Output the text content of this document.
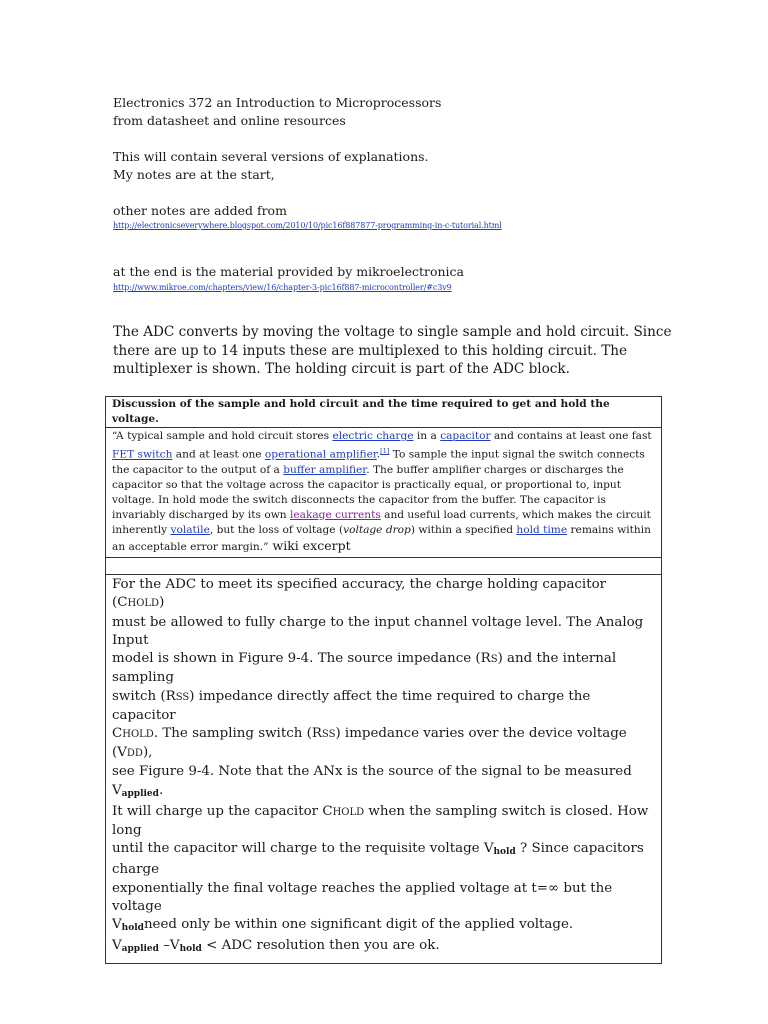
Electronics 372 an Introduction to Microprocessors
from datasheet and online resources
This will contain several versions of explanations.
My notes are at the start,
other notes are added from
http://electronicseverywhere.blogspot.com/2010/10/pic16f887877-programming-in-c-tutorial.html
at the end is the material provided by mikroelectronica
http://www.mikroe.com/chapters/view/16/chapter-3-pic16f887-microcontroller/#c3v9
The ADC converts by moving the voltage to single sample and hold circuit. Since
there are up to 14 inputs these are multiplexed to this holding circuit. The
multiplexer is shown. The holding circuit is part of the ADC block.
Discussion of the sample and hold circuit and the time required to get and hold the voltage.
“A typical sample and hold circuit stores electric charge in a capacitor and contains at least one fast FET switch and at least one operational amplifier.[1] To sample the input signal the switch connects the capacitor to the output of a buffer amplifier. The buffer amplifier charges or discharges the capacitor so that the voltage across the capacitor is practically equal, or proportional to, input voltage. In hold mode the switch disconnects the capacitor from the buffer. The capacitor is invariably discharged by its own leakage currents and useful load currents, which makes the circuit inherently volatile, but the loss of voltage (voltage drop) within a specified hold time remains within an acceptable error margin.” wiki excerpt

For the ADC to meet its specified accuracy, the charge holding capacitor (CHOLD)
must be allowed to fully charge to the input channel voltage level. The Analog Input
model is shown in Figure 9-4. The source impedance (RS) and the internal sampling
switch (RSS) impedance directly affect the time required to charge the capacitor
CHOLD. The sampling switch (RSS) impedance varies over the device voltage (VDD),
see Figure 9-4. Note that the ANx is the source of the signal to be measured $V_{applied}$.
It will charge up the capacitor CHOLD when the sampling switch is closed. How long
until the capacitor will charge to the requisite voltage $V_{hold}$ ? Since capacitors charge
exponentially the final voltage reaches the applied voltage at t=∞ but the voltage
$V_{hold}need$ only be within one significant digit of the applied voltage.
$V_{applied}$ $-V_{hold}$ < ADC resolution then you are ok.
